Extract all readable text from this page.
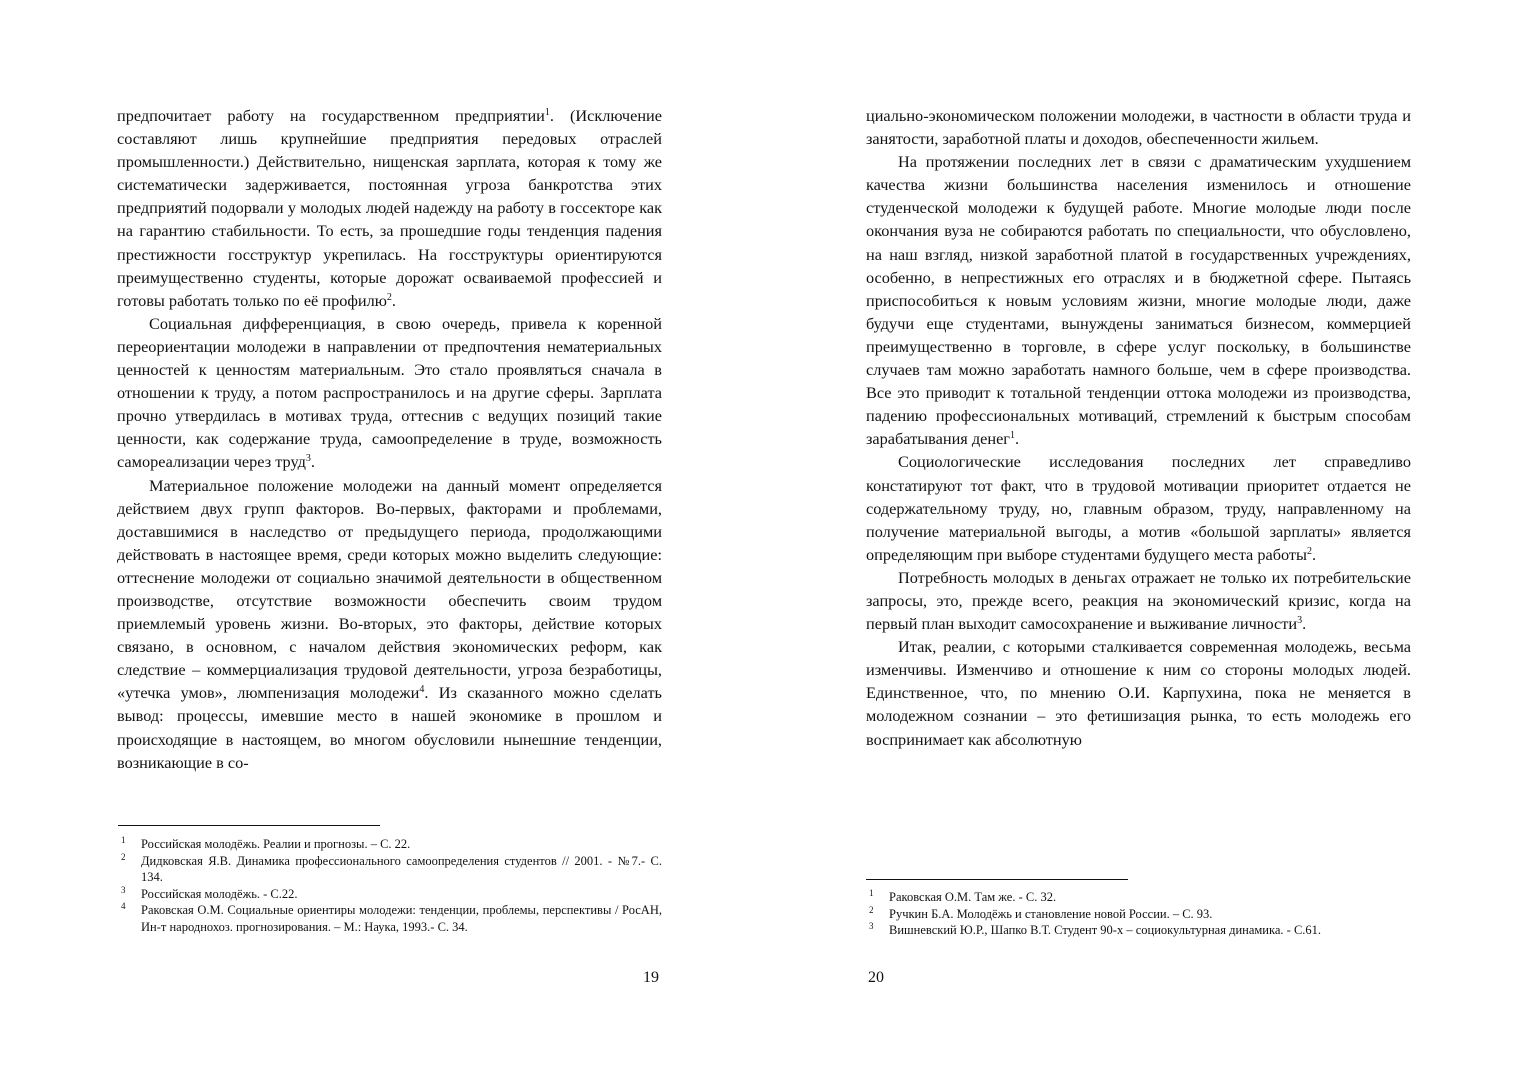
предпочитает работу на государственном предприятии$^1$. (Исключение составляют лишь крупнейшие предприятия передовых отраслей промышленности.) Действительно, нищенская зарплата, которая к тому же систематически задерживается, постоянная угроза банкротства этих предприятий подорвали у молодых людей надежду на работу в госсекторе как на гарантию стабильности. То есть, за прошедшие годы тенденция падения престижности госструктур укрепилась. На госструктуры ориентируются преимущественно студенты, которые дорожат осваиваемой профессией и готовы работать только по её профилю$^2$.

Социальная дифференциация, в свою очередь, привела к коренной переориентации молодежи в направлении от предпочтения нематериальных ценностей к ценностям материальным. Это стало проявляться сначала в отношении к труду, а потом распространилось и на другие сферы. Зарплата прочно утвердилась в мотивах труда, оттеснив с ведущих позиций такие ценности, как содержание труда, самоопределение в труде, возможность самореализации через труд$^3$.

Материальное положение молодежи на данный момент определяется действием двух групп факторов. Во-первых, факторами и проблемами, доставшимися в наследство от предыдущего периода, продолжающими действовать в настоящее время, среди которых можно выделить следующие: оттеснение молодежи от социально значимой деятельности в общественном производстве, отсутствие возможности обеспечить своим трудом приемлемый уровень жизни. Во-вторых, это факторы, действие которых связано, в основном, с началом действия экономических реформ, как следствие – коммерциализация трудовой деятельности, угроза безработицы, «утечка умов», люмпенизация молодежи$^4$. Из сказанного можно сделать вывод: процессы, имевшие место в нашей экономике в прошлом и происходящие в настоящем, во многом обусловили нынешние тенденции, возникающие в со-

1 Российская молодёжь. Реалии и прогнозы. – С. 22.
2 Дидковская Я.В. Динамика профессионального самоопределения студентов // 2001. - №7.- С. 134.
3 Российская молодёжь. - С.22.
4 Раковская О.М. Социальные ориентиры молодежи: тенденции, проблемы, перспективы / РосАН, Ин-т народнохоз. прогнозирования. – М.: Наука, 1993.- С. 34.
19

циально-экономическом положении молодежи, в частности в области труда и занятости, заработной платы и доходов, обеспеченности жильем.

На протяжении последних лет в связи с драматическим ухудшением качества жизни большинства населения изменилось и отношение студенческой молодежи к будущей работе. Многие молодые люди после окончания вуза не собираются работать по специальности, что обусловлено, на наш взгляд, низкой заработной платой в государственных учреждениях, особенно, в непрестижных его отраслях и в бюджетной сфере. Пытаясь приспособиться к новым условиям жизни, многие молодые люди, даже будучи еще студентами, вынуждены заниматься бизнесом, коммерцией преимущественно в торговле, в сфере услуг поскольку, в большинстве случаев там можно заработать намного больше, чем в сфере производства. Все это приводит к тотальной тенденции оттока молодежи из производства, падению профессиональных мотиваций, стремлений к быстрым способам зарабатывания денег$^1$.

Социологические исследования последних лет справедливо констатируют тот факт, что в трудовой мотивации приоритет отдается не содержательному труду, но, главным образом, труду, направленному на получение материальной выгоды, а мотив «большой зарплаты» является определяющим при выборе студентами будущего места работы$^2$.

Потребность молодых в деньгах отражает не только их потребительские запросы, это, прежде всего, реакция на экономический кризис, когда на первый план выходит самосохранение и выживание личности$^3$.

Итак, реалии, с которыми сталкивается современная молодежь, весьма изменчивы. Изменчиво и отношение к ним со стороны молодых людей. Единственное, что, по мнению О.И. Карпухина, пока не меняется в молодежном сознании – это фетишизация рынка, то есть молодежь его воспринимает как абсолютную

1 Раковская О.М. Там же. - С. 32.
2 Ручкин Б.А. Молодёжь и становление новой России. – С. 93.
3 Вишневский Ю.Р., Шапко В.Т. Студент 90-х – социокультурная динамика. - С.61.
20
